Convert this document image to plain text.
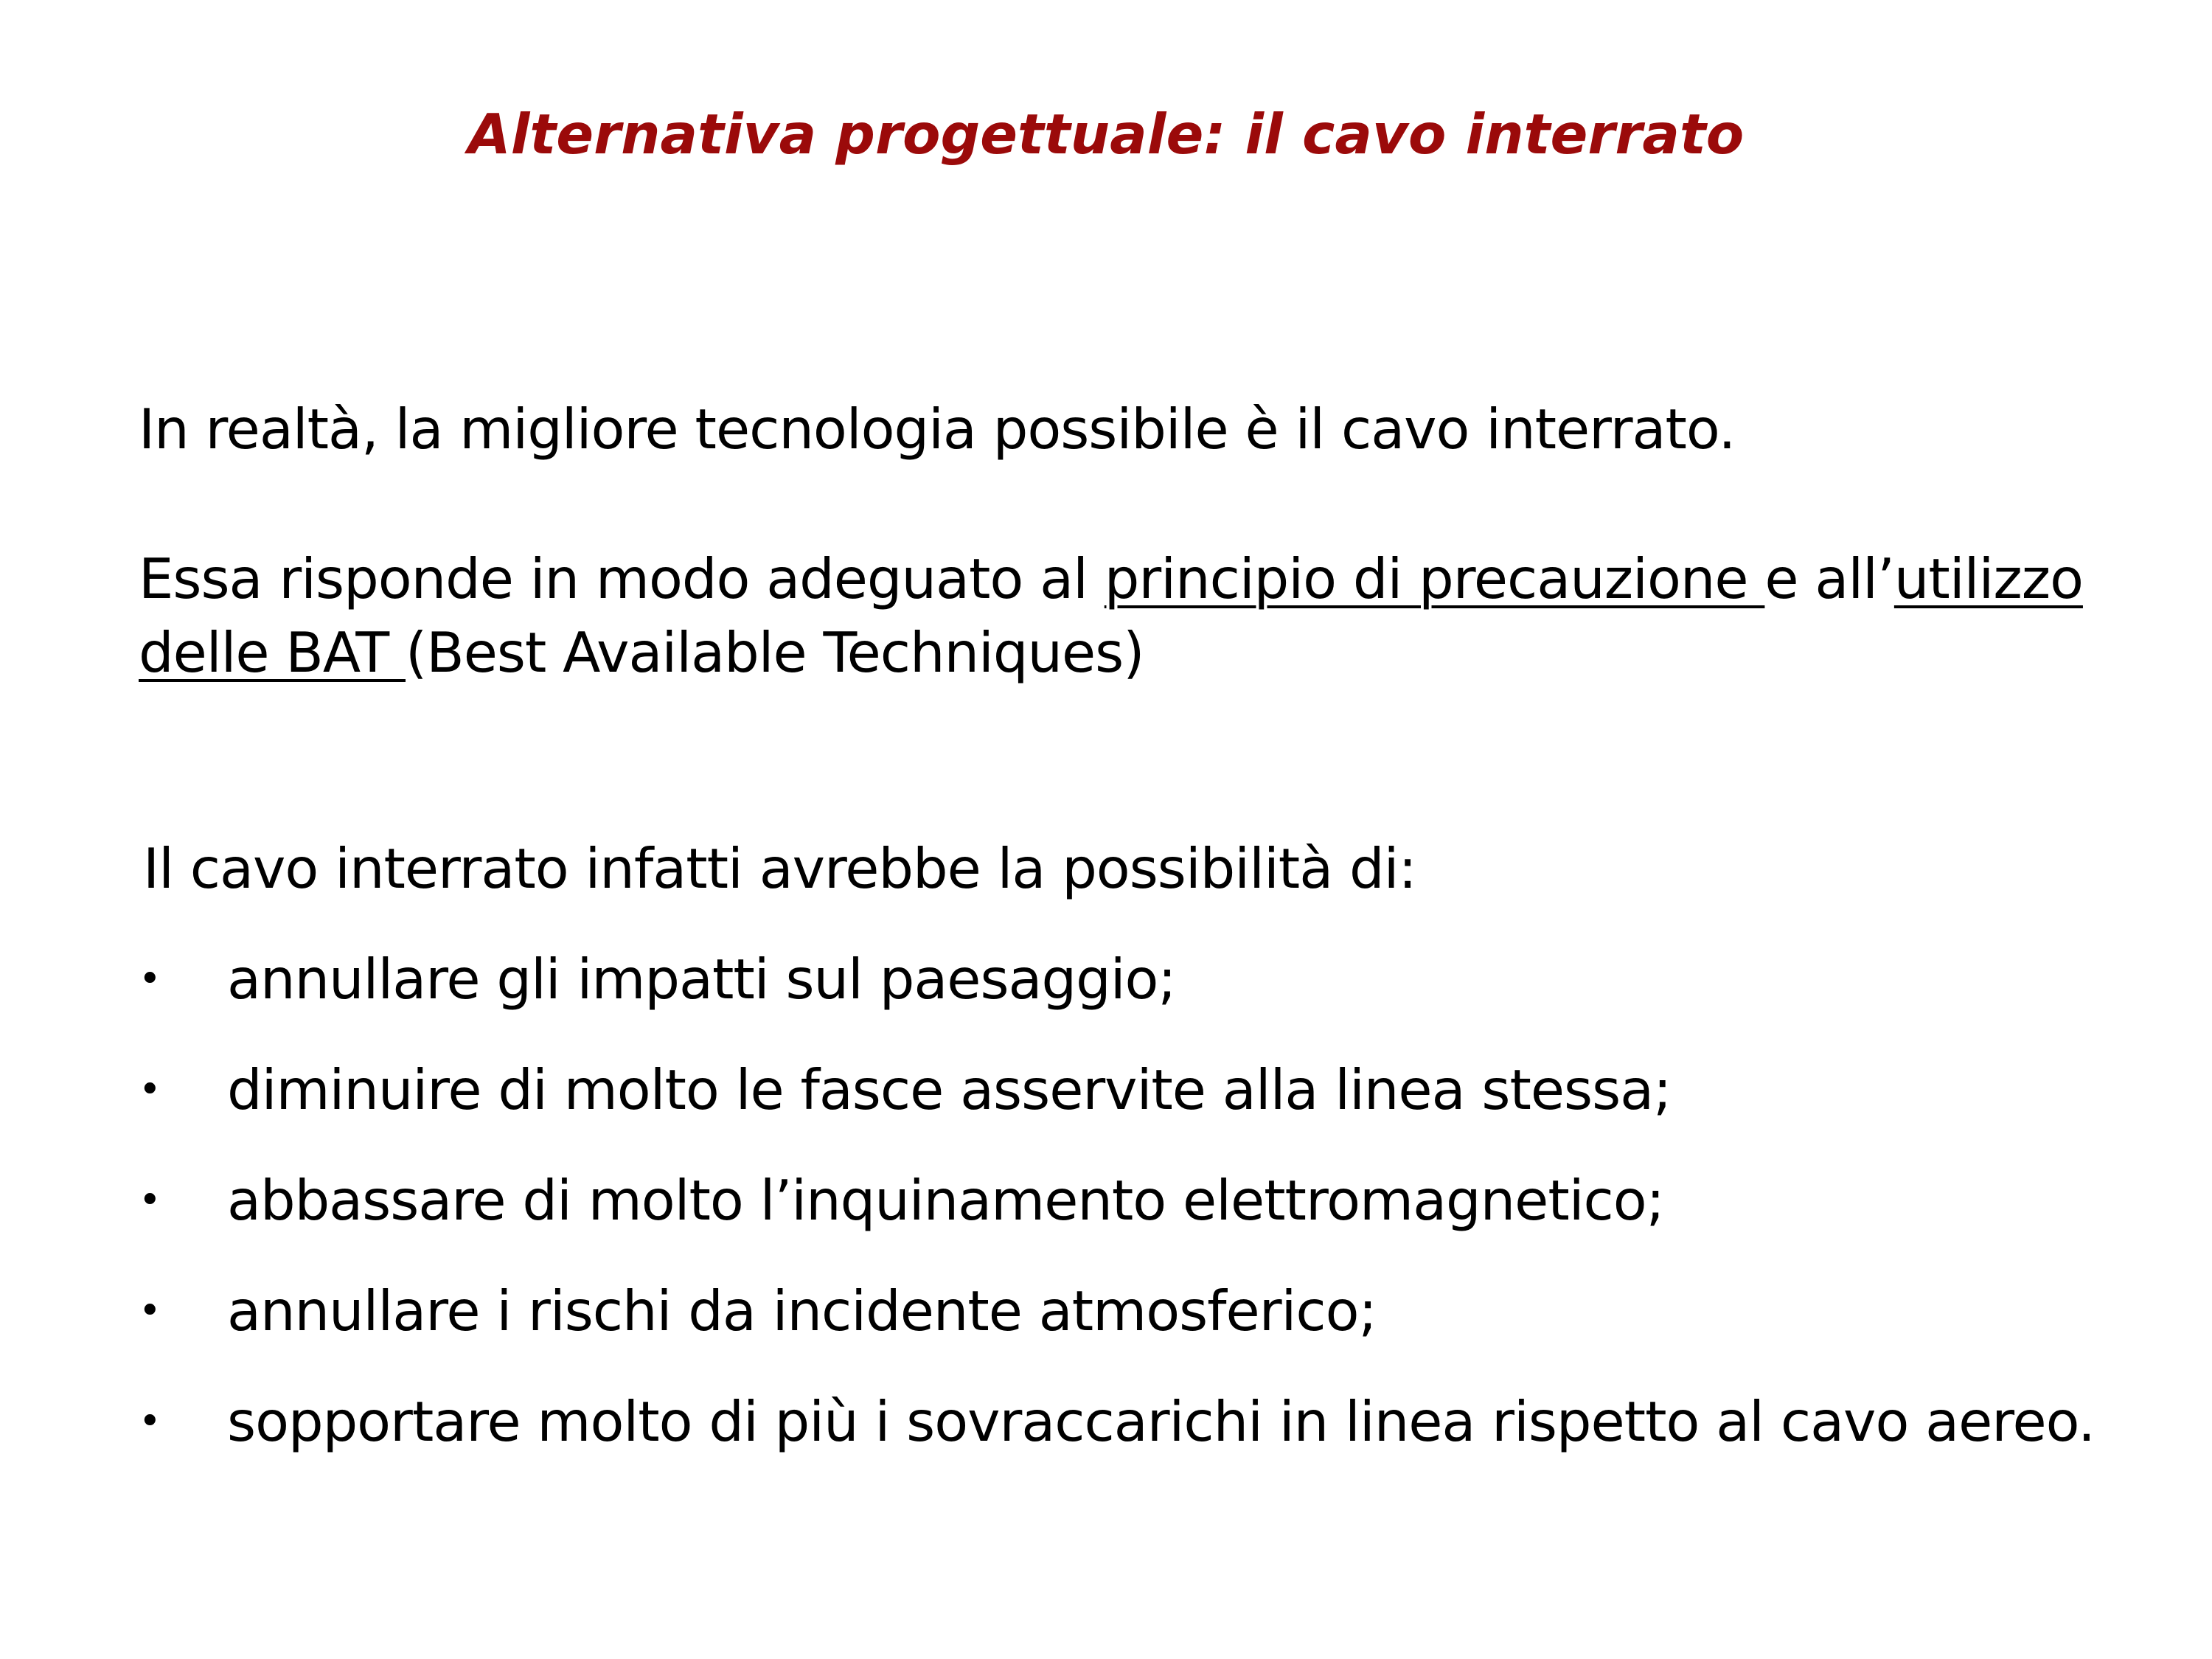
Alternativa progettuale: il cavo interrato
In realtà, la migliore tecnologia possibile è il cavo interrato.
Essa risponde in modo adeguato al principio di precauzione e all’utilizzo
delle BAT (Best Available Techniques)
Il cavo interrato infatti avrebbe la possibilità di:
•	annullare gli impatti sul paesaggio;
•	diminuire di molto le fasce asservite alla linea stessa;
•	abbassare di molto l’inquinamento elettromagnetico;
•	annullare i rischi da incidente atmosferico;
•	sopportare molto di più i sovraccarichi in linea rispetto al cavo aereo.
